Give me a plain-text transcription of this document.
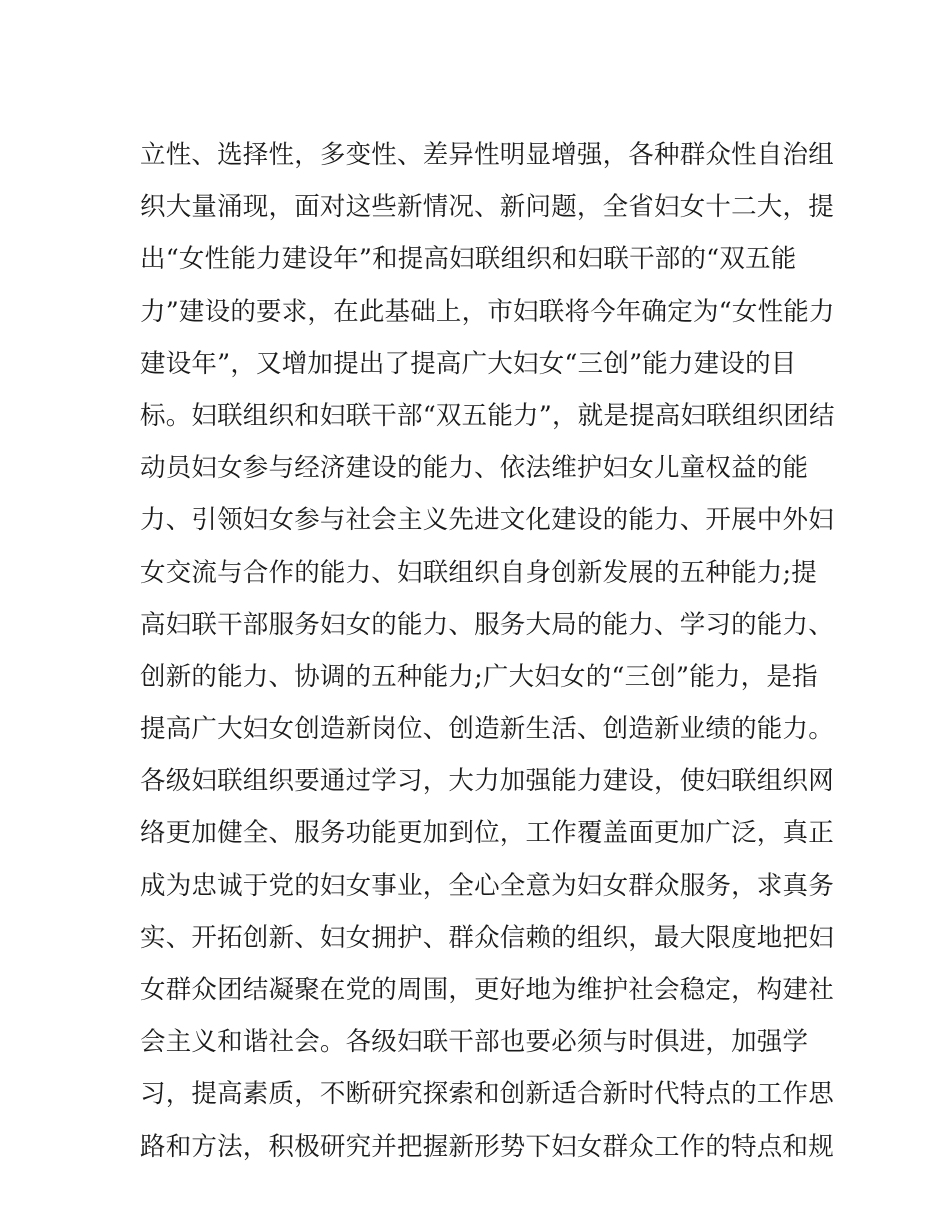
立性、选择性，多变性、差异性明显增强，各种群众性自治组
织大量涌现，面对这些新情况、新问题，全省妇女十二大，提
出“女性能力建设年”和提高妇联组织和妇联干部的“双五能
力”建设的要求，在此基础上，市妇联将今年确定为“女性能力
建设年”，又增加提出了提高广大妇女“三创”能力建设的目
标。妇联组织和妇联干部“双五能力”，就是提高妇联组织团结
动员妇女参与经济建设的能力、依法维护妇女儿童权益的能
力、引领妇女参与社会主义先进文化建设的能力、开展中外妇
女交流与合作的能力、妇联组织自身创新发展的五种能力;提
高妇联干部服务妇女的能力、服务大局的能力、学习的能力、
创新的能力、协调的五种能力;广大妇女的“三创”能力，是指
提高广大妇女创造新岗位、创造新生活、创造新业绩的能力。
各级妇联组织要通过学习，大力加强能力建设，使妇联组织网
络更加健全、服务功能更加到位，工作覆盖面更加广泛，真正
成为忠诚于党的妇女事业，全心全意为妇女群众服务，求真务
实、开拓创新、妇女拥护、群众信赖的组织，最大限度地把妇
女群众团结凝聚在党的周围，更好地为维护社会稳定，构建社
会主义和谐社会。各级妇联干部也要必须与时俱进，加强学
习，提高素质，不断研究探索和创新适合新时代特点的工作思
路和方法，积极研究并把握新形势下妇女群众工作的特点和规
